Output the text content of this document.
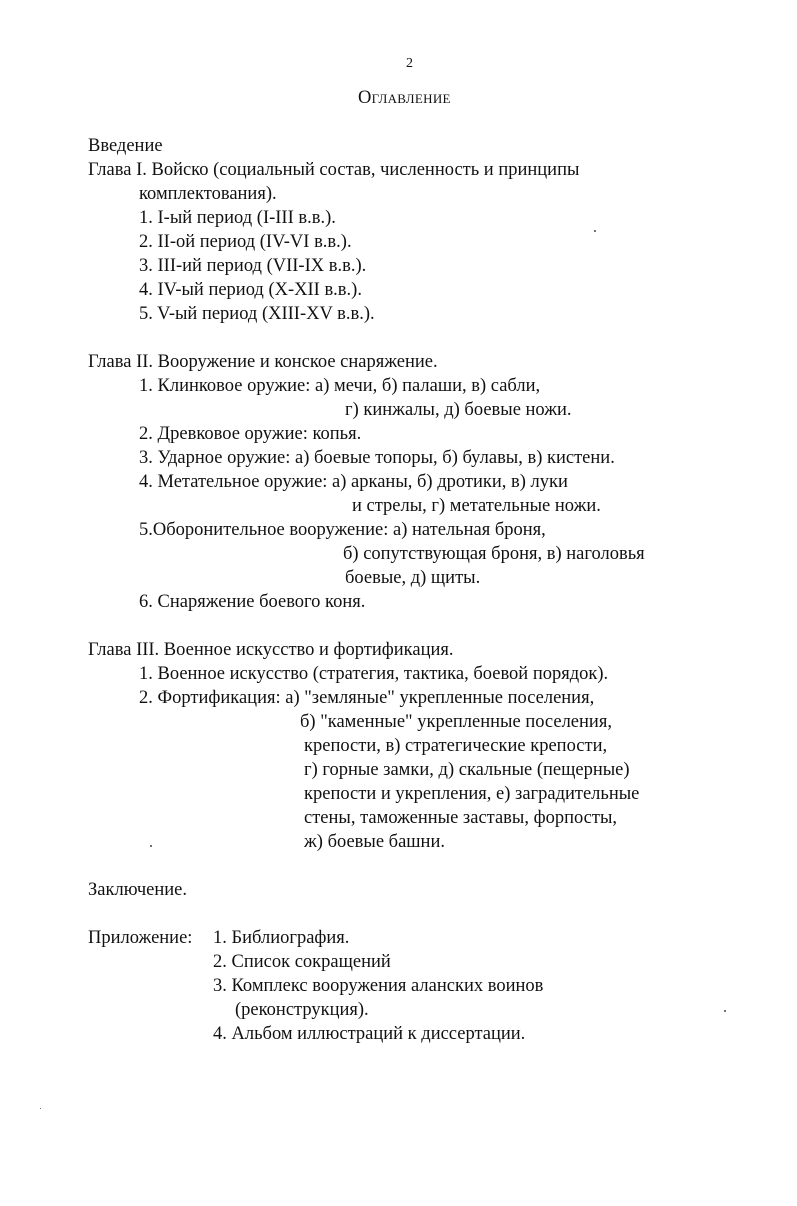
2
Оглавление
Введение
Глава I. Войско (социальный состав, численность и принципы
комплектования).
1. I-ый период (I-III в.в.).
2. II-ой период (IV-VI в.в.).
3. III-ий период (VII-IX в.в.).
4. IV-ый период (X-XII в.в.).
5. V-ый период (XIII-XV в.в.).
Глава II. Вооружение и конское снаряжение.
1. Клинковое оружие: а) мечи, б) палаши, в) сабли,
г) кинжалы, д) боевые ножи.
2. Древковое оружие: копья.
3. Ударное оружие: а) боевые топоры, б) булавы, в) кистени.
4. Метательное оружие: а) арканы, б) дротики, в) луки
и стрелы, г) метательные ножи.
5.Оборонительное вооружение: а) нательная броня,
б) сопутствующая броня, в) наголовья
боевые, д) щиты.
6. Снаряжение боевого коня.
Глава III. Военное искусство и фортификация.
1. Военное искусство (стратегия, тактика, боевой порядок).
2. Фортификация: а) "земляные" укрепленные поселения,
б) "каменные" укрепленные поселения,
крепости, в) стратегические крепости,
г) горные замки, д) скальные (пещерные)
крепости и укрепления, е) заградительные
стены, таможенные заставы, форпосты,
ж) боевые башни.
Заключение.
Приложение: 1. Библиография.
2. Список сокращений
3. Комплекс вооружения аланских воинов
(реконструкция).
4. Альбом иллюстраций к диссертации.
